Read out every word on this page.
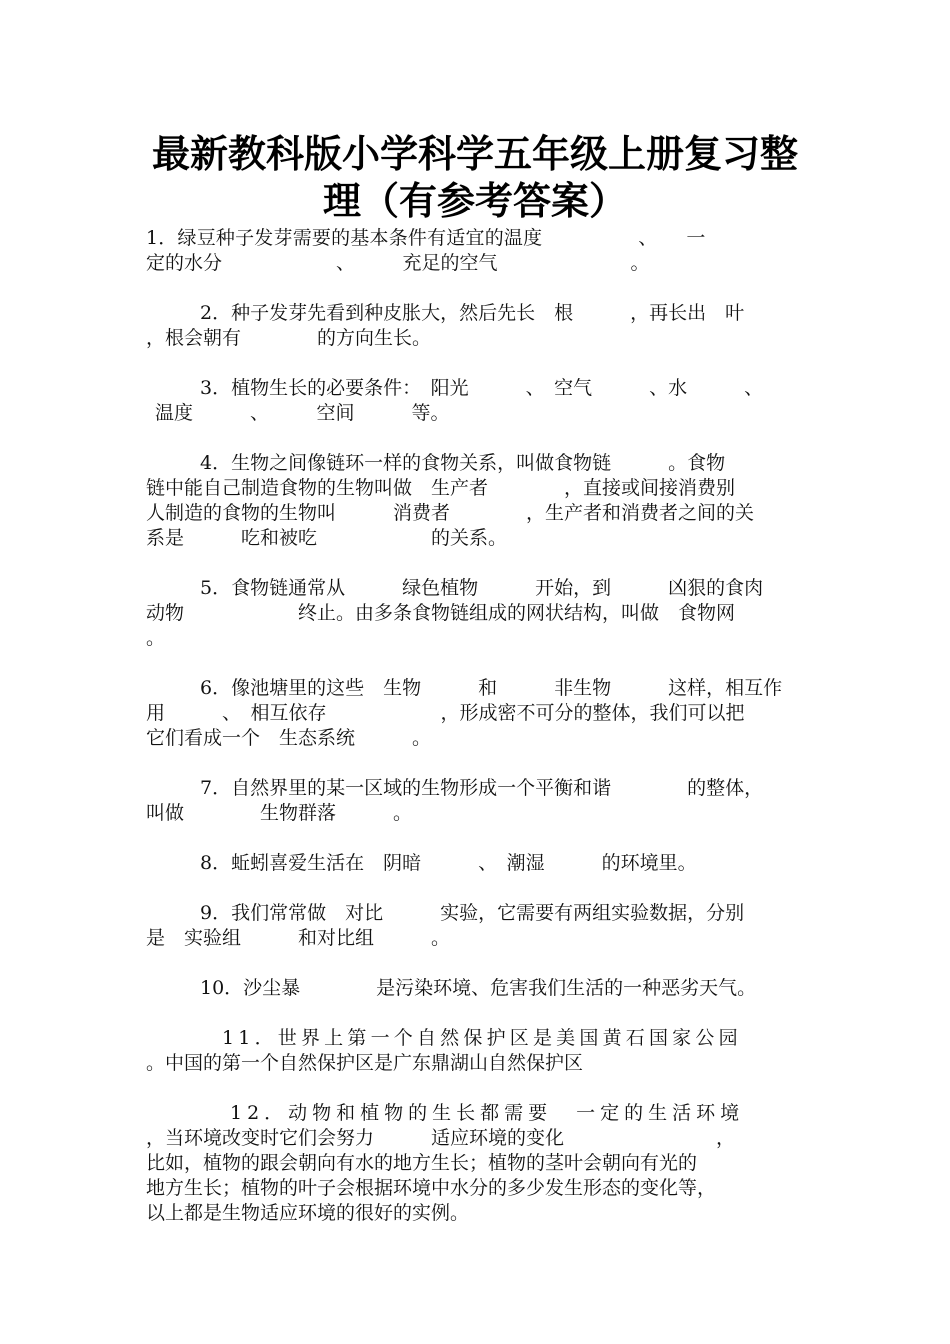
最新教科版小学科学五年级上册复习整
理（有参考答案）
1．绿豆种子发芽需要的基本条件有适宜的温度　　　　　、　　一
定的水分　　　　　　、　　　充足的空气　　　　　　　。
2．种子发芽先看到种皮胀大，然后先长　根　　　，再长出　叶
，根会朝有　　　　的方向生长。
3．植物生长的必要条件：　阳光　　　、　空气　　　、水　　　、
温度　　　、　　　空间　　　等。
4．生物之间像链环一样的食物关系，叫做食物链　　　。食物
链中能自己制造食物的生物叫做　生产者　　　　，直接或间接消费别
人制造的食物的生物叫　　　消费者　　　　，生产者和消费者之间的关
系是　　　吃和被吃　　　　　　的关系。
5．食物链通常从　　　绿色植物　　　开始，到　　　凶狠的食肉
动物　　　　　　终止。由多条食物链组成的网状结构，叫做　食物网
。
6．像池塘里的这些　生物　　　和　　　非生物　　　这样，相互作
用　　　、　相互依存　　　　　　，形成密不可分的整体，我们可以把
它们看成一个　生态系统　　　。
7．自然界里的某一区域的生物形成一个平衡和谐　　　　的整体，
叫做　　　　生物群落　　　。
8．蚯蚓喜爱生活在　阴暗　　　、　潮湿　　　的环境里。
9．我们常常做　对比　　　实验，它需要有两组实验数据，分别
是　实验组　　　和对比组　　　。
10．沙尘暴　　　　是污染环境、危害我们生活的一种恶劣天气。
11．世界上第一个自然保护区是美国黄石国家公园
。中国的第一个自然保护区是广东鼎湖山自然保护区
12．动物和植物的生长都需要　一定的生活环境
，当环境改变时它们会努力　　　适应环境的变化　　　　　　　　，
比如，植物的跟会朝向有水的地方生长；植物的茎叶会朝向有光的
地方生长；植物的叶子会根据环境中水分的多少发生形态的变化等，
以上都是生物适应环境的很好的实例。
